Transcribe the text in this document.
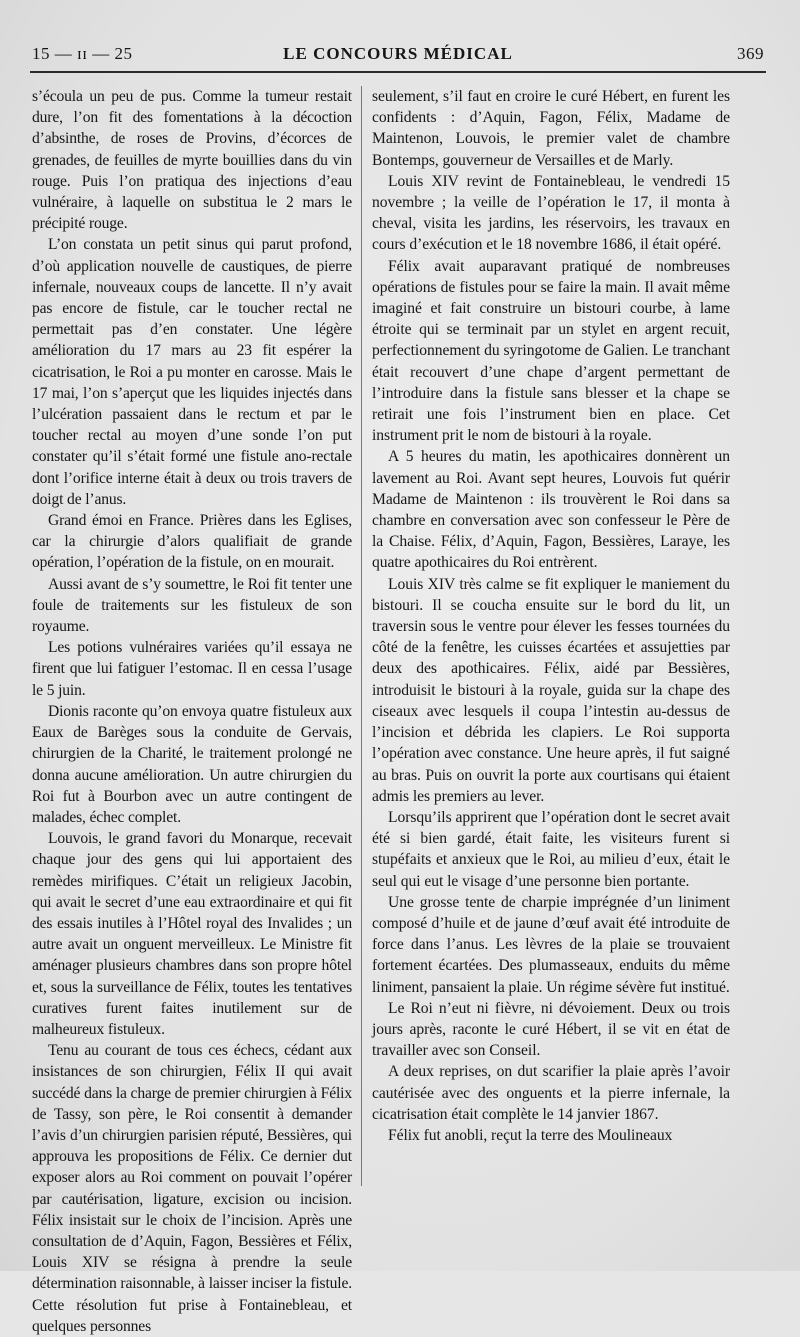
15 — ɪɪ — 25	LE CONCOURS MÉDICAL	369

s’écoula un peu de pus. Comme la tumeur restait dure, l’on fit des fomentations à la décoction d’absinthe, de roses de Provins, d’écorces de grenades, de feuilles de myrte bouillies dans du vin rouge. Puis l’on pratiqua des injections d’eau vulnéraire, à laquelle on substitua le 2 mars le précipité rouge.

L’on constata un petit sinus qui parut profond, d’où application nouvelle de caustiques, de pierre infernale, nouveaux coups de lancette. Il n’y avait pas encore de fistule, car le toucher rectal ne permettait pas d’en constater. Une légère amélioration du 17 mars au 23 fit espérer la cicatrisation, le Roi a pu monter en carosse. Mais le 17 mai, l’on s’aperçut que les liquides injectés dans l’ulcération passaient dans le rectum et par le toucher rectal au moyen d’une sonde l’on put constater qu’il s’était formé une fistule ano-rectale dont l’orifice interne était à deux ou trois travers de doigt de l’anus.

Grand émoi en France. Prières dans les Eglises, car la chirurgie d’alors qualifiait de grande opération, l’opération de la fistule, on en mourait.

Aussi avant de s’y soumettre, le Roi fit tenter une foule de traitements sur les fistuleux de son royaume.

Les potions vulnéraires variées qu’il essaya ne firent que lui fatiguer l’estomac. Il en cessa l’usage le 5 juin.

Dionis raconte qu’on envoya quatre fistuleux aux Eaux de Barèges sous la conduite de Gervais, chirurgien de la Charité, le traitement prolongé ne donna aucune amélioration. Un autre chirurgien du Roi fut à Bourbon avec un autre contingent de malades, échec complet.

Louvois, le grand favori du Monarque, recevait chaque jour des gens qui lui apportaient des remèdes mirifiques. C’était un religieux Jacobin, qui avait le secret d’une eau extraordinaire et qui fit des essais inutiles à l’Hôtel royal des Invalides ; un autre avait un onguent merveilleux. Le Ministre fit aménager plusieurs chambres dans son propre hôtel et, sous la surveillance de Félix, toutes les tentatives curatives furent faites inutilement sur de malheureux fistuleux.

Tenu au courant de tous ces échecs, cédant aux insistances de son chirurgien, Félix II qui avait succédé dans la charge de premier chirurgien à Félix de Tassy, son père, le Roi consentit à demander l’avis d’un chirurgien parisien réputé, Bessières, qui approuva les propositions de Félix. Ce dernier dut exposer alors au Roi comment on pouvait l’opérer par cautérisation, ligature, excision ou incision. Félix insistait sur le choix de l’incision. Après une consultation de d’Aquin, Fagon, Bessières et Félix, Louis XIV se résigna à prendre la seule détermination raisonnable, à laisser inciser la fistule. Cette résolution fut prise à Fontainebleau, et quelques personnes

seulement, s’il faut en croire le curé Hébert, en furent les confidents : d’Aquin, Fagon, Félix, Madame de Maintenon, Louvois, le premier valet de chambre Bontemps, gouverneur de Versailles et de Marly.

Louis XIV revint de Fontainebleau, le vendredi 15 novembre ; la veille de l’opération le 17, il monta à cheval, visita les jardins, les réservoirs, les travaux en cours d’exécution et le 18 novembre 1686, il était opéré.

Félix avait auparavant pratiqué de nombreuses opérations de fistules pour se faire la main. Il avait même imaginé et fait construire un bistouri courbe, à lame étroite qui se terminait par un stylet en argent recuit, perfectionnement du syringotome de Galien. Le tranchant était recouvert d’une chape d’argent permettant de l’introduire dans la fistule sans blesser et la chape se retirait une fois l’instrument bien en place. Cet instrument prit le nom de bistouri à la royale.

A 5 heures du matin, les apothicaires donnèrent un lavement au Roi. Avant sept heures, Louvois fut quérir Madame de Maintenon : ils trouvèrent le Roi dans sa chambre en conversation avec son confesseur le Père de la Chaise. Félix, d’Aquin, Fagon, Bessières, Laraye, les quatre apothicaires du Roi entrèrent.

Louis XIV très calme se fit expliquer le maniement du bistouri. Il se coucha ensuite sur le bord du lit, un traversin sous le ventre pour élever les fesses tournées du côté de la fenêtre, les cuisses écartées et assujetties par deux des apothicaires. Félix, aidé par Bessières, introduisit le bistouri à la royale, guida sur la chape des ciseaux avec lesquels il coupa l’intestin au-dessus de l’incision et débrida les clapiers. Le Roi supporta l’opération avec constance. Une heure après, il fut saigné au bras. Puis on ouvrit la porte aux courtisans qui étaient admis les premiers au lever.

Lorsqu’ils apprirent que l’opération dont le secret avait été si bien gardé, était faite, les visiteurs furent si stupéfaits et anxieux que le Roi, au milieu d’eux, était le seul qui eut le visage d’une personne bien portante.

Une grosse tente de charpie imprégnée d’un liniment composé d’huile et de jaune d’œuf avait été introduite de force dans l’anus. Les lèvres de la plaie se trouvaient fortement écartées. Des plumasseaux, enduits du même liniment, pansaient la plaie. Un régime sévère fut institué.

Le Roi n’eut ni fièvre, ni dévoiement. Deux ou trois jours après, raconte le curé Hébert, il se vit en état de travailler avec son Conseil.

A deux reprises, on dut scarifier la plaie après l’avoir cautérisée avec des onguents et la pierre infernale, la cicatrisation était complète le 14 janvier 1867.

Félix fut anobli, reçut la terre des Moulineaux
